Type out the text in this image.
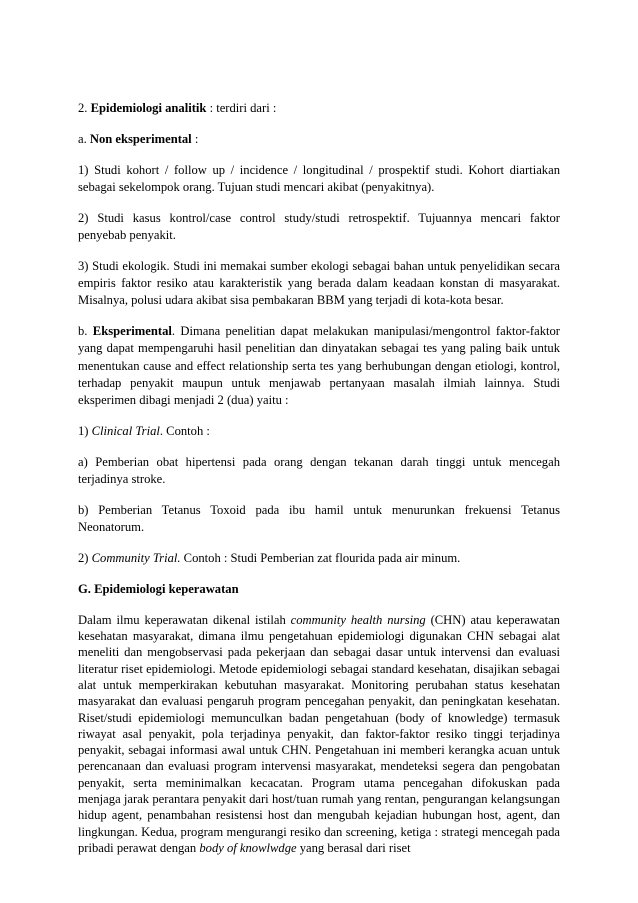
2. Epidemiologi analitik : terdiri dari :

a. Non eksperimental :

1) Studi kohort / follow up / incidence / longitudinal / prospektif studi. Kohort diartiakan sebagai sekelompok orang. Tujuan studi mencari akibat (penyakitnya).

2) Studi kasus kontrol/case control study/studi retrospektif. Tujuannya mencari faktor penyebab penyakit.

3) Studi ekologik. Studi ini memakai sumber ekologi sebagai bahan untuk penyelidikan secara empiris faktor resiko atau karakteristik yang berada dalam keadaan konstan di masyarakat. Misalnya, polusi udara akibat sisa pembakaran BBM yang terjadi di kota-kota besar.

b. Eksperimental. Dimana penelitian dapat melakukan manipulasi/mengontrol faktor-faktor yang dapat mempengaruhi hasil penelitian dan dinyatakan sebagai tes yang paling baik untuk menentukan cause and effect relationship serta tes yang berhubungan dengan etiologi, kontrol, terhadap penyakit maupun untuk menjawab pertanyaan masalah ilmiah lainnya. Studi eksperimen dibagi menjadi 2 (dua) yaitu :

1) Clinical Trial. Contoh :

a) Pemberian obat hipertensi pada orang dengan tekanan darah tinggi untuk mencegah terjadinya stroke.

b) Pemberian Tetanus Toxoid pada ibu hamil untuk menurunkan frekuensi Tetanus Neonatorum.

2) Community Trial. Contoh : Studi Pemberian zat flourida pada air minum.

G. Epidemiologi keperawatan

Dalam ilmu keperawatan dikenal istilah community health nursing (CHN) atau keperawatan kesehatan masyarakat, dimana ilmu pengetahuan epidemiologi digunakan CHN sebagai alat meneliti dan mengobservasi pada pekerjaan dan sebagai dasar untuk intervensi dan evaluasi literatur riset epidemiologi. Metode epidemiologi sebagai standard kesehatan, disajikan sebagai alat untuk memperkirakan kebutuhan masyarakat. Monitoring perubahan status kesehatan masyarakat dan evaluasi pengaruh program pencegahan penyakit, dan peningkatan kesehatan. Riset/studi epidemiologi memunculkan badan pengetahuan (body of knowledge) termasuk riwayat asal penyakit, pola terjadinya penyakit, dan faktor-faktor resiko tinggi terjadinya penyakit, sebagai informasi awal untuk CHN. Pengetahuan ini memberi kerangka acuan untuk perencanaan dan evaluasi program intervensi masyarakat, mendeteksi segera dan pengobatan penyakit, serta meminimalkan kecacatan. Program utama pencegahan difokuskan pada menjaga jarak perantara penyakit dari host/tuan rumah yang rentan, pengurangan kelangsungan hidup agent, penambahan resistensi host dan mengubah kejadian hubungan host, agent, dan lingkungan. Kedua, program mengurangi resiko dan screening, ketiga : strategi mencegah pada pribadi perawat dengan body of knowlwdge yang berasal dari riset
